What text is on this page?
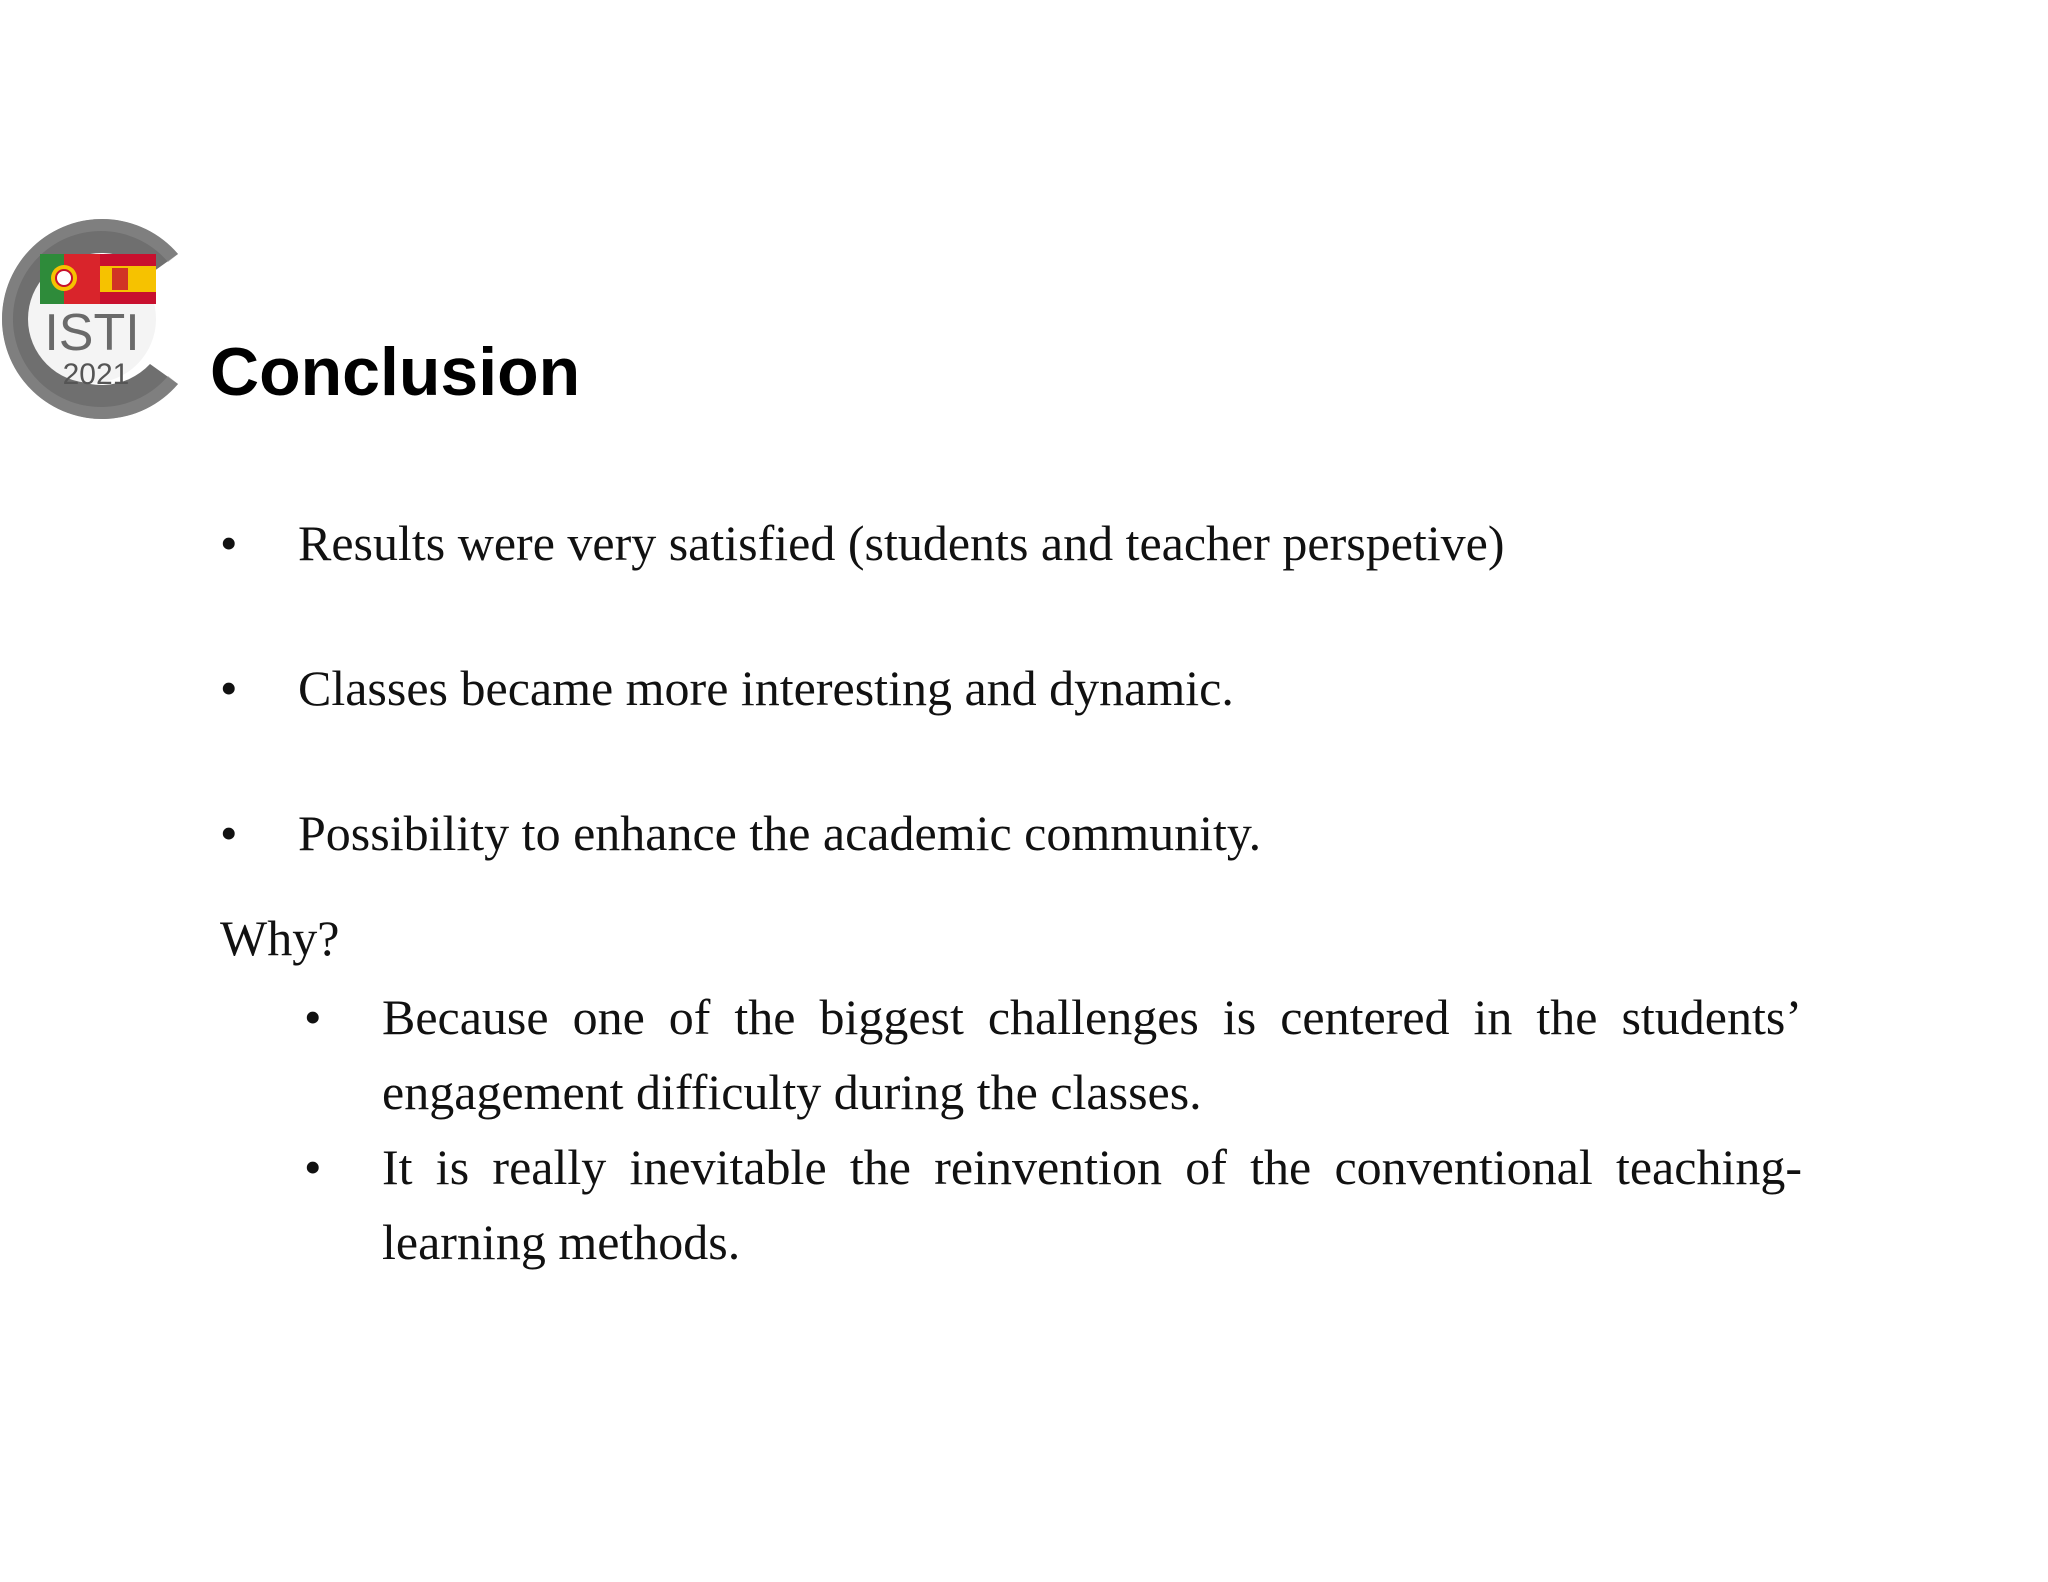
ISTI
2021 Conclusion
•	Results were very satisfied (students and teacher perspetive)
•	Classes became more interesting and dynamic.
•	Possibility to enhance the academic community.
Why?
• Because one of the biggest challenges is centered in the students’ engagement difficulty during the classes.
• It is really inevitable the reinvention of the conventional teaching-learning methods.
